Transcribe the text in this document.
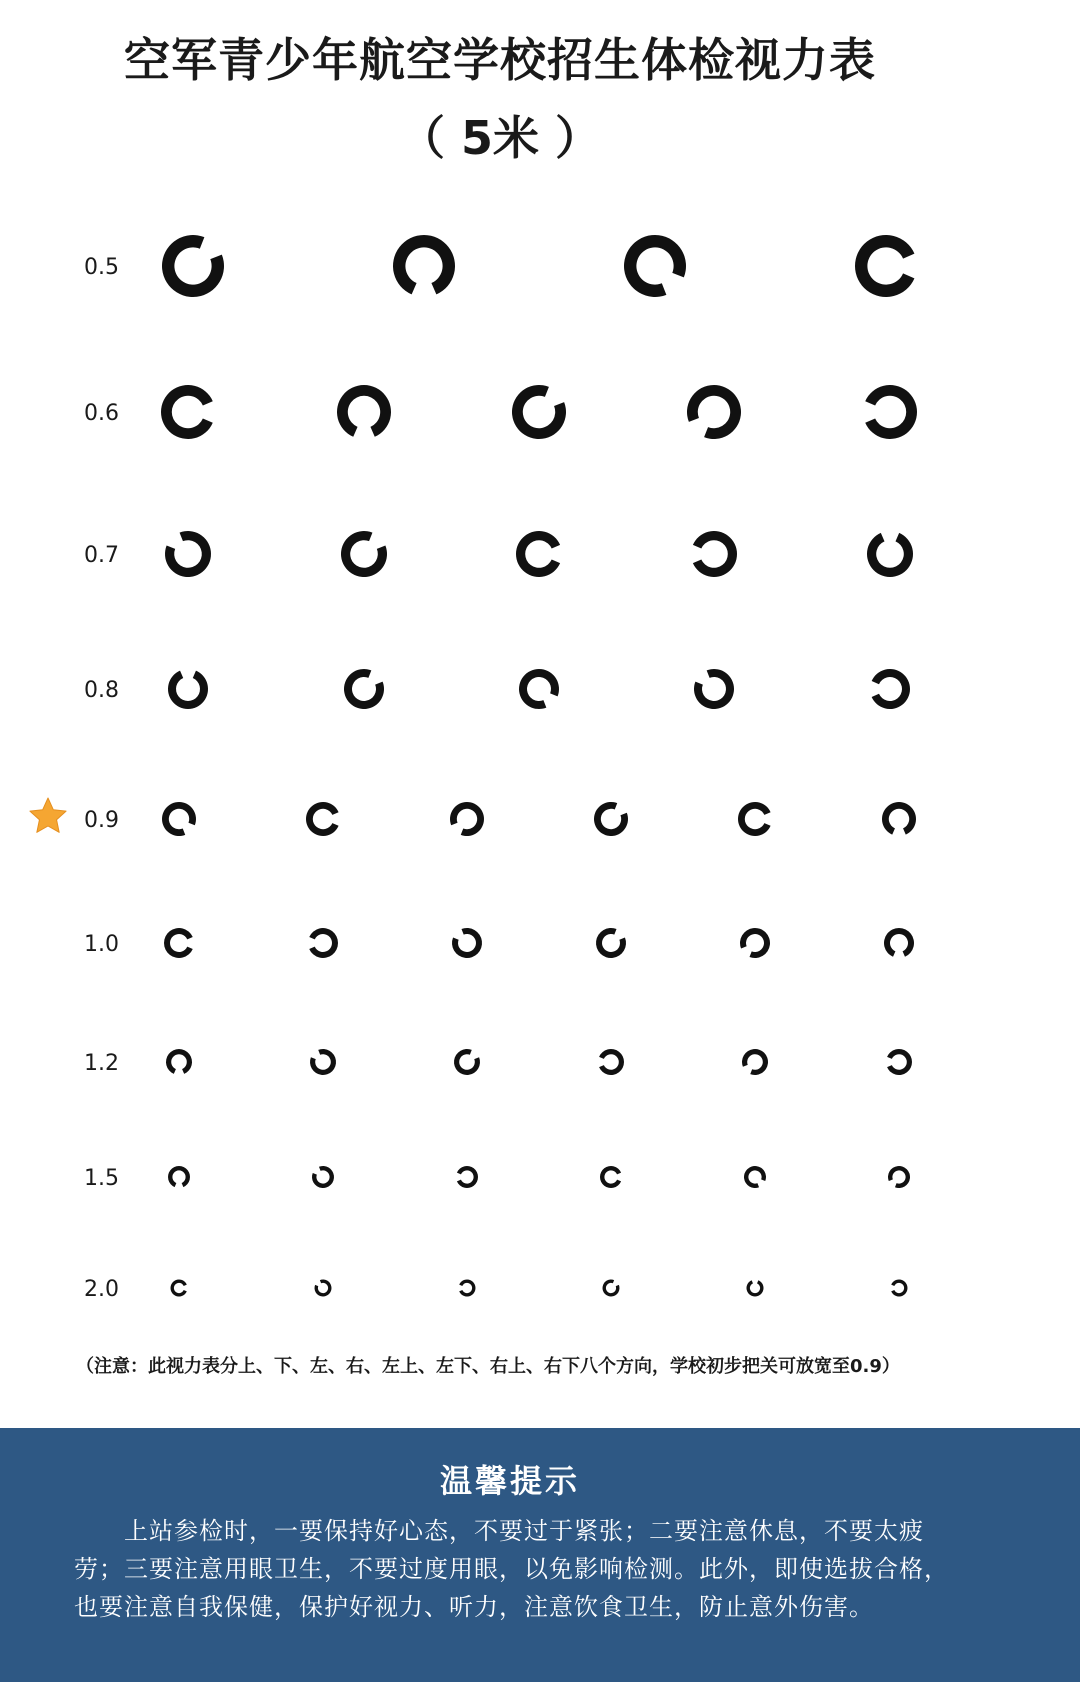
空军青少年航空学校招生体检视力表
（ 5米 ）
0.5
0.6
0.7
0.8
0.9
1.0
1.2
1.5
2.0
（注意：此视力表分上、下、左、右、左上、左下、右上、右下八个方向，学校初步把关可放宽至0.9）
温馨提示

上站参检时，一要保持好心态，不要过于紧张；二要注意休息，不要太疲劳；三要注意用眼卫生，不要过度用眼，以免影响检测。此外，即使选拔合格，也要注意自我保健，保护好视力、听力，注意饮食卫生，防止意外伤害。
